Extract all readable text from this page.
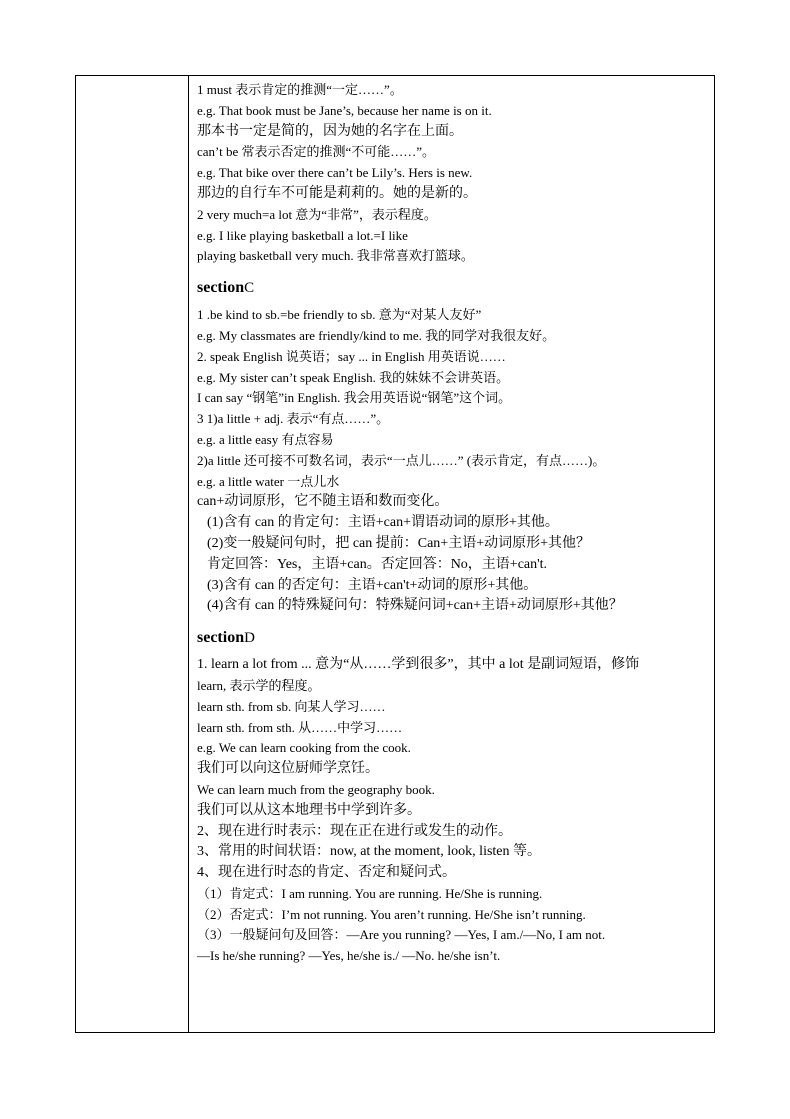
1 must 表示肯定的推测“一定……”。
e.g. That book must be Jane’s, because her name is on it.
那本书一定是简的，因为她的名字在上面。
can’t be 常表示否定的推测“不可能……”。
e.g. That bike over there can’t be Lily’s. Hers is new.
那边的自行车不可能是莉莉的。她的是新的。
2 very much=a lot 意为“非常”，表示程度。
e.g. I like playing basketball a lot.=I like
playing basketball very much. 我非常喜欢打篮球。
sectionC
1 .be kind to sb.=be friendly to sb. 意为“对某人友好”
e.g. My classmates are friendly/kind to me. 我的同学对我很友好。
2. speak English 说英语；say ... in English 用英语说……
e.g. My sister can’t speak English. 我的妹妹不会讲英语。
I can say “钢笔”in English. 我会用英语说“钢笔”这个词。
3 1)a little + adj. 表示“有点……”。
e.g. a little easy 有点容易
2)a little 还可接不可数名词，表示“一点儿……” (表示肯定，有点……)。
e.g. a little water 一点儿水
can+动词原形，它不随主语和数而变化。
(1)含有 can 的肯定句：主语+can+谓语动词的原形+其他。
(2)变一般疑问句时，把 can 提前：Can+主语+动词原形+其他？
肯定回答：Yes，主语+can。否定回答：No，主语+can't.
(3)含有 can 的否定句：主语+can't+动词的原形+其他。
(4)含有 can 的特殊疑问句：特殊疑问词+can+主语+动词原形+其他？
sectionD
1. learn a lot from ... 意为“从……学到很多”，其中 a lot 是副词短语，修饰
learn, 表示学的程度。
learn sth. from sb. 向某人学习……
learn sth. from sth. 从……中学习……
e.g. We can learn cooking from the cook.
我们可以向这位厨师学烹饪。
We can learn much from the geography book.
我们可以从这本地理书中学到许多。
2、现在进行时表示：现在正在进行或发生的动作。
3、常用的时间状语：now, at the moment, look, listen 等。
4、现在进行时态的肯定、否定和疑问式。
（1）肯定式：I am running. You are running. He/She is running.
（2）否定式：I’m not running. You aren’t running. He/She isn’t running.
（3）一般疑问句及回答：—Are you running? —Yes, I am./—No, I am not.
—Is he/she running? —Yes, he/she is./ —No. he/she isn’t.
